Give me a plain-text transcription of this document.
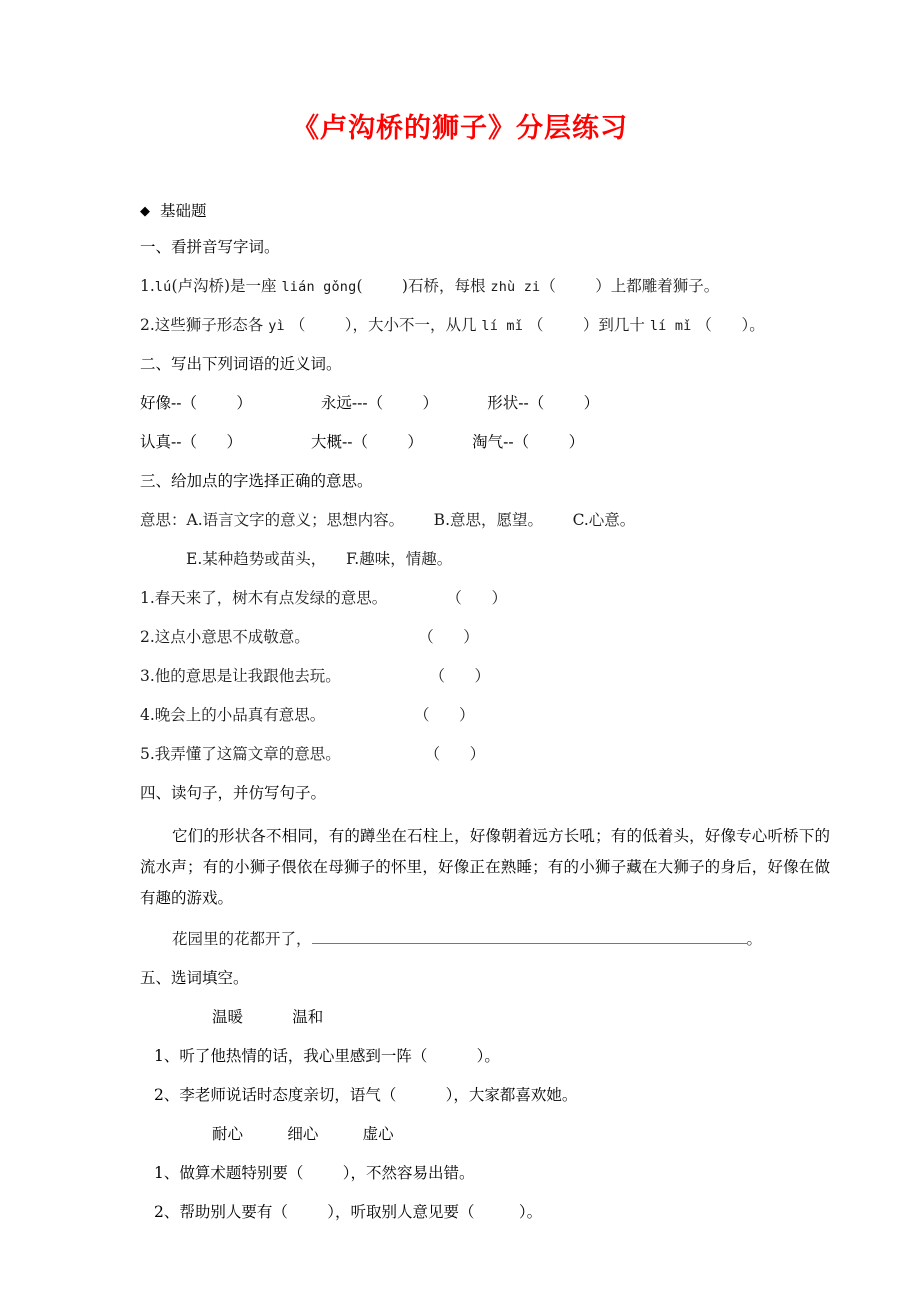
《卢沟桥的狮子》分层练习
◆ 基础题
一、看拼音写字词。
1.lú(卢沟桥)是一座 lián gǒng(        )石桥，每根 zhù zi（        ）上都雕着狮子。
2.这些狮子形态各 yì （        ），大小不一，从几 lí mǐ （        ）到几十 lí mǐ （      ）。
二、写出下列词语的近义词。
好像--（        ）              永远---（        ）          形状--（        ）
认真--（      ）              大概--（        ）          淘气--（        ）
三、给加点的字选择正确的意思。
意思：A.语言文字的意义；思想内容。      B.意思，愿望。      C.心意。
E.某种趋势或苗头，    F.趣味，情趣。
1.春天来了，树木有点发绿的意思。	（      ）
2.这点小意思不成敬意。	（      ）
3.他的意思是让我跟他去玩。	（      ）
4.晚会上的小品真有意思。	（      ）
5.我弄懂了这篇文章的意思。	（      ）
四、读句子，并仿写句子。
它们的形状各不相同，有的蹲坐在石柱上，好像朝着远方长吼；有的低着头，好像专心听桥下的流水声；有的小狮子偎依在母狮子的怀里，好像正在熟睡；有的小狮子藏在大狮子的身后，好像在做有趣的游戏。
花园里的花都开了，	。
五、选词填空。
温暖          温和
1、听了他热情的话，我心里感到一阵（          ）。
2、李老师说话时态度亲切，语气（          ），大家都喜欢她。
耐心         细心         虚心
1、做算术题特别要（        ），不然容易出错。
2、帮助别人要有（        ），听取别人意见要（         ）。
